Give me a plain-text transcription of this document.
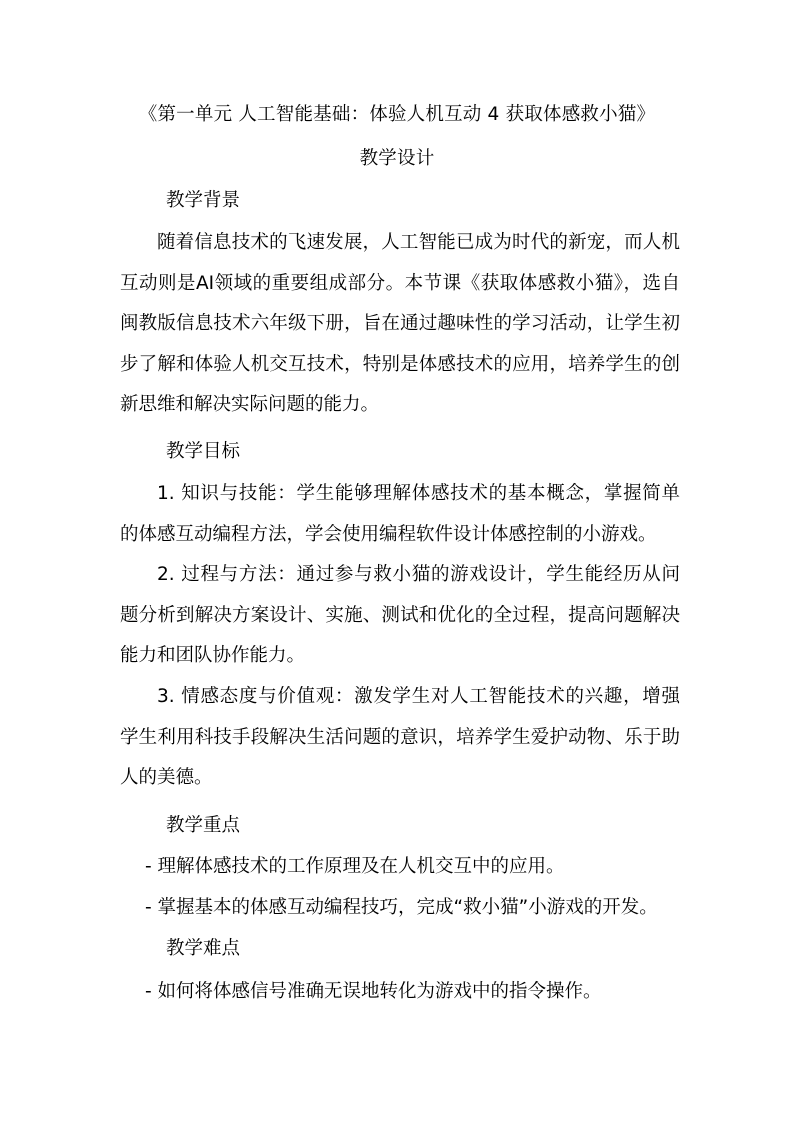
《第一单元 人工智能基础：体验人机互动 4 获取体感救小猫》
教学设计
教学背景

随着信息技术的飞速发展，人工智能已成为时代的新宠，而人机互动则是AI领域的重要组成部分。本节课《获取体感救小猫》，选自闽教版信息技术六年级下册，旨在通过趣味性的学习活动，让学生初步了解和体验人机交互技术，特别是体感技术的应用，培养学生的创新思维和解决实际问题的能力。

教学目标

1. 知识与技能：学生能够理解体感技术的基本概念，掌握简单的体感互动编程方法，学会使用编程软件设计体感控制的小游戏。

2. 过程与方法：通过参与救小猫的游戏设计，学生能经历从问题分析到解决方案设计、实施、测试和优化的全过程，提高问题解决能力和团队协作能力。

3. 情感态度与价值观：激发学生对人工智能技术的兴趣，增强学生利用科技手段解决生活问题的意识，培养学生爱护动物、乐于助人的美德。

教学重点
- 理解体感技术的工作原理及在人机交互中的应用。
- 掌握基本的体感互动编程技巧，完成“救小猫”小游戏的开发。
教学难点
- 如何将体感信号准确无误地转化为游戏中的指令操作。
